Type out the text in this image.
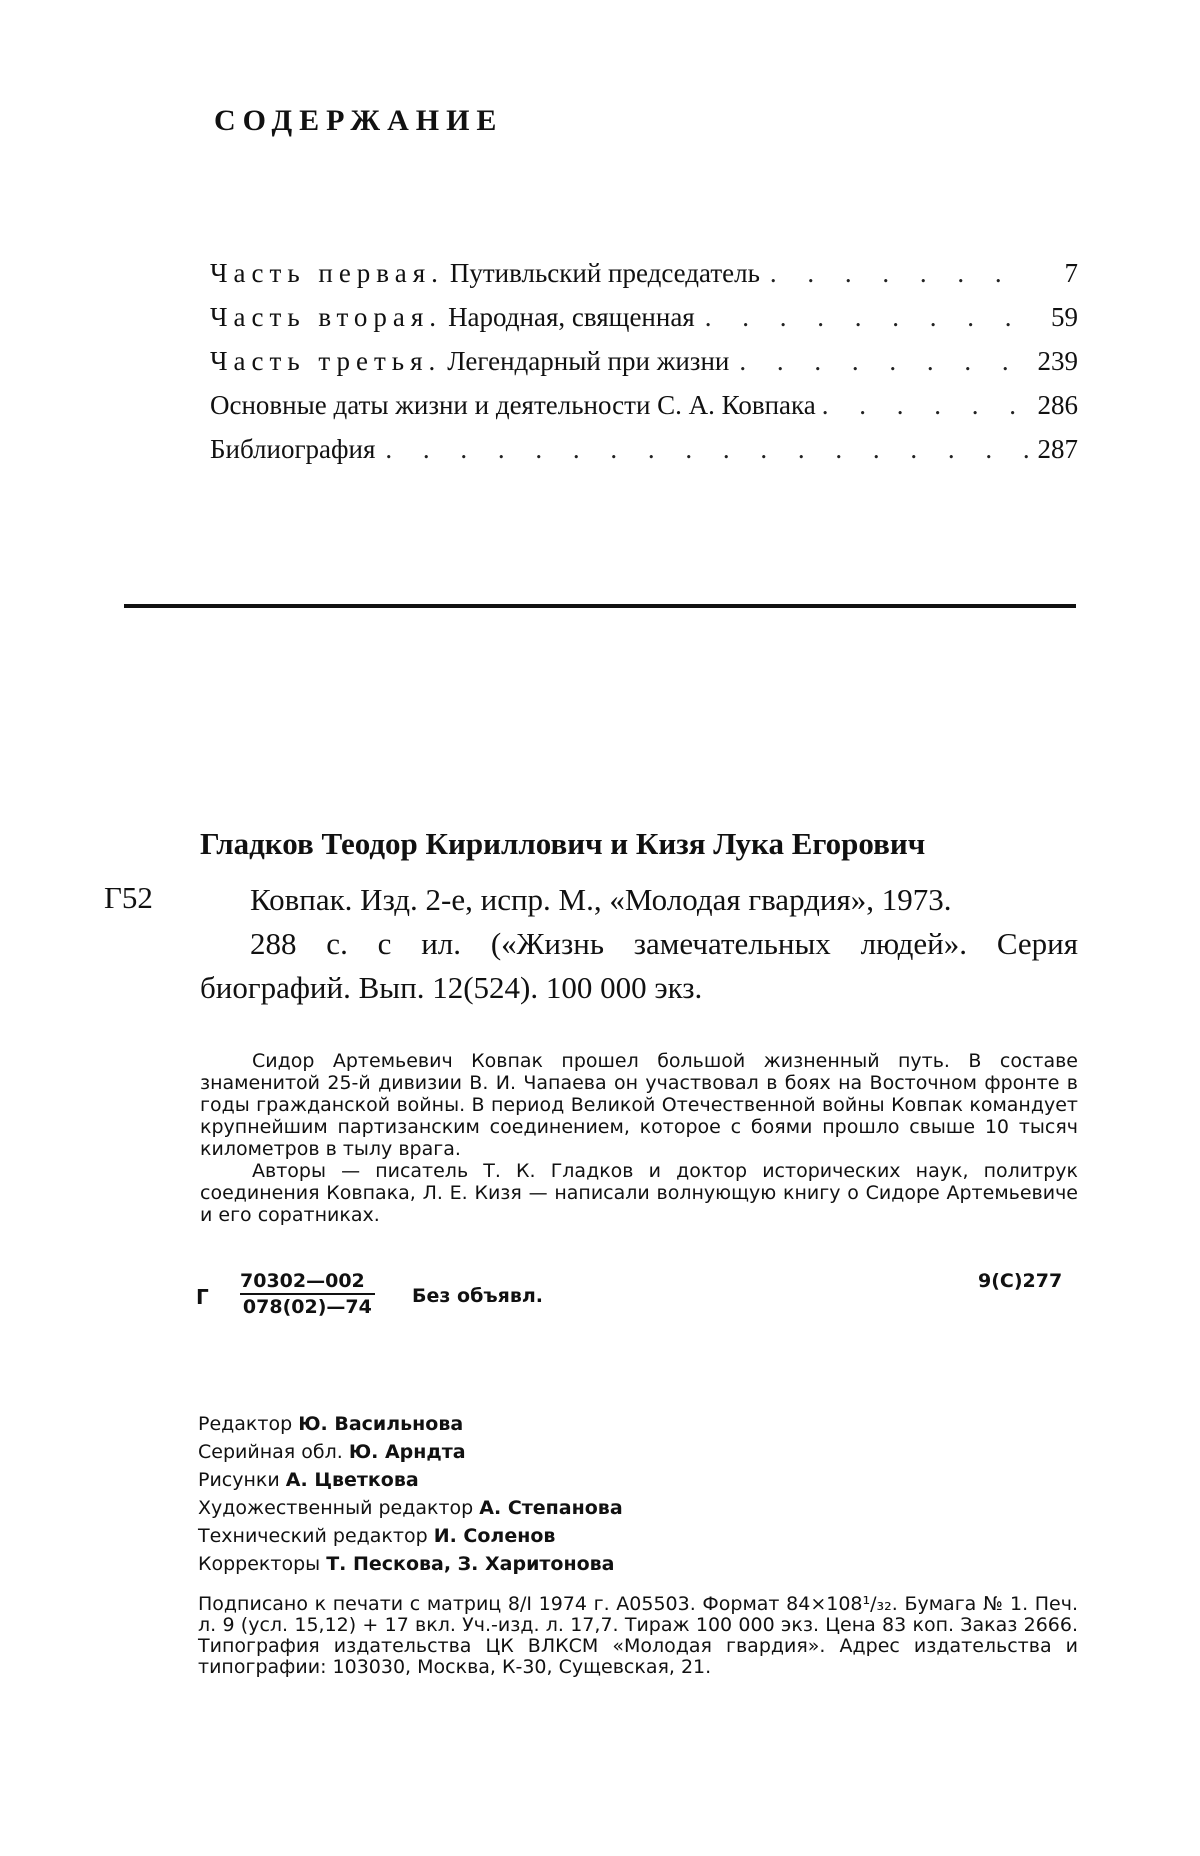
СОДЕРЖАНИЕ
Часть первая. Путивльский председатель
. . .	7
Часть вторая. Народная, священная
. . .	59
Часть третья. Легендарный при жизни
. . .	239
Основные даты жизни и деятельности С. А. Ковпака
. . .	286
Библиография
. . .	287
Гладков Теодор Кириллович и Кизя Лука Егорович
Г52	Ковпак. Изд. 2-е, испр. М., «Молодая гвардия», 1973.

288 с. с ил. («Жизнь замечательных людей». Серия биографий. Вып. 12(524). 100 000 экз.

Сидор Артемьевич Ковпак прошел большой жизненный путь. В составе знаменитой 25-й дивизии В. И. Чапаева он участвовал в боях на Восточном фронте в годы гражданской войны. В период Великой Отечественной войны Ковпак командует крупнейшим партизанским соединением, которое с боями прошло свыше 10 тысяч километров в тылу врага.

Авторы — писатель Т. К. Гладков и доктор исторических наук, политрук соединения Ковпака, Л. Е. Кизя — написали волнующую книгу о Сидоре Артемьевиче и его соратниках.

Г
70302—002
078(02)—74 Без объявл.
9(С)277
Редактор Ю. Васильнова
Серийная обл. Ю. Арндта
Рисунки А. Цветкова
Художественный редактор А. Степанова
Технический редактор И. Соленов
Корректоры Т. Пескова, З. Харитонова
Подписано к печати с матриц 8/I 1974 г. А05503. Формат 84×108¹/₃₂. Бумага № 1. Печ. л. 9 (усл. 15,12) + 17 вкл. Уч.-изд. л. 17,7. Тираж 100 000 экз. Цена 83 коп. Заказ 2666. Типография издательства ЦК ВЛКСМ «Молодая гвардия». Адрес издательства и типографии: 103030, Москва, К-30, Сущевская, 21.
